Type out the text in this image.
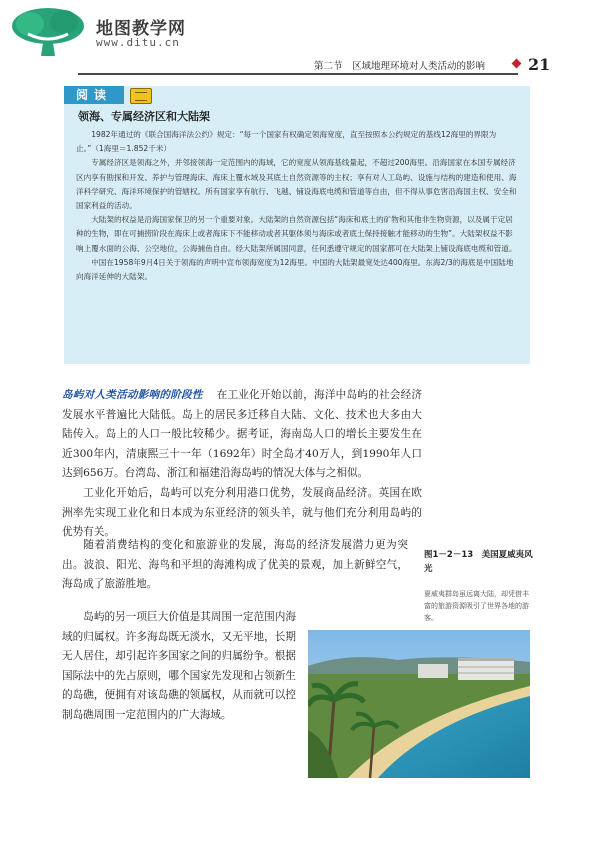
地图教学网
www.ditu.cn
第二节　区域地理环境对人类活动的影响	21
阅读
领海、专属经济区和大陆架

1982年通过的《联合国海洋法公约》规定：“每一个国家有权确定领海宽度，直至按照本公约规定的基线12海里的界限为止。”（1海里＝1.852千米）

专属经济区是领海之外，并邻接领海一定范围内的海域，它的宽度从领海基线量起，不超过200海里。沿海国家在本国专属经济区内享有勘探和开发、养护与管理海床、海床上覆水域及其底土自然资源等的主权；享有对人工岛屿、设施与结构的建造和使用、海洋科学研究、海洋环境保护的管辖权。所有国家享有航行、飞越、铺设海底电缆和管道等自由，但不得从事危害沿海国主权、安全和国家利益的活动。

大陆架的权益是沿海国家保卫的另一个重要对象。大陆架的自然资源包括“海床和底土的矿物和其他非生物资源，以及属于定居种的生物，即在可捕捞阶段在海床上或者海床下不能移动或者其躯体须与海床或者底土保持接触才能移动的生物”。大陆架权益不影响上覆水面的公海、公空地位，公海捕鱼自由。经大陆架所属国同意，任何悉遵守规定的国家都可在大陆架上铺设海底电缆和管道。

中国在1958年9月4日关于领海的声明中宣布领海宽度为12海里。中国的大陆架最宽处达400海里。东海2/3的海底是中国陆地向海洋延伸的大陆架。

岛屿对人类活动影响的阶段性 在工业化开始以前，海洋中岛屿的社会经济发展水平普遍比大陆低。岛上的居民多迁移自大陆、文化、技术也大多由大陆传入。岛上的人口一般比较稀少。据考证，海南岛人口的增长主要发生在近300年内，清康熙三十一年（1692年）时全岛才40万人，到1990年人口达到656万。台湾岛、浙江和福建沿海岛屿的情况大体与之相似。

工业化开始后，岛屿可以充分利用港口优势，发展商品经济。英国在欧洲率先实现工业化和日本成为东亚经济的领头羊，就与他们充分利用岛屿的优势有关。

随着消费结构的变化和旅游业的发展，海岛的经济发展潜力更为突出。波浪、阳光、海鸟和平坦的海滩构成了优美的景观，加上新鲜空气，海岛成了旅游胜地。

岛屿的另一项巨大价值是其周围一定范围内海域的归属权。许多海岛既无淡水，又无平地，长期无人居住，却引起许多国家之间的归属纷争。根据国际法中的先占原则，哪个国家先发现和占领新生的岛礁，便拥有对该岛礁的领属权，从而就可以控制岛礁周围一定范围内的广大海域。

图1－2－13　美国夏威夷风光
夏威夷群岛虽远离大陆，却凭借丰富的旅游资源吸引了世界各地的游客。
